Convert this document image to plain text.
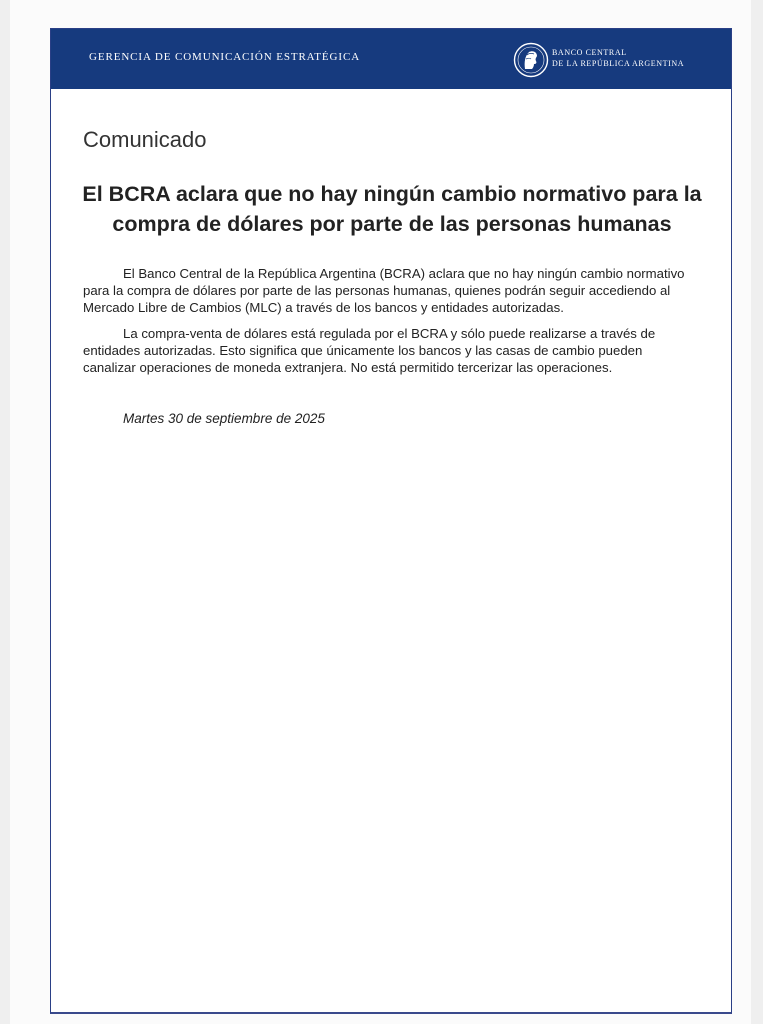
GERENCIA DE COMUNICACIÓN ESTRATÉGICA	BANCO CENTRAL
DE LA REPÚBLICA ARGENTINA
Comunicado
El BCRA aclara que no hay ningún cambio normativo para la compra de dólares por parte de las personas humanas

El Banco Central de la República Argentina (BCRA) aclara que no hay ningún cambio normativo para la compra de dólares por parte de las personas humanas, quienes podrán seguir accediendo al Mercado Libre de Cambios (MLC) a través de los bancos y entidades autorizadas.

La compra-venta de dólares está regulada por el BCRA y sólo puede realizarse a través de entidades autorizadas. Esto significa que únicamente los bancos y las casas de cambio pueden canalizar operaciones de moneda extranjera. No está permitido tercerizar las operaciones.

Martes 30 de septiembre de 2025
